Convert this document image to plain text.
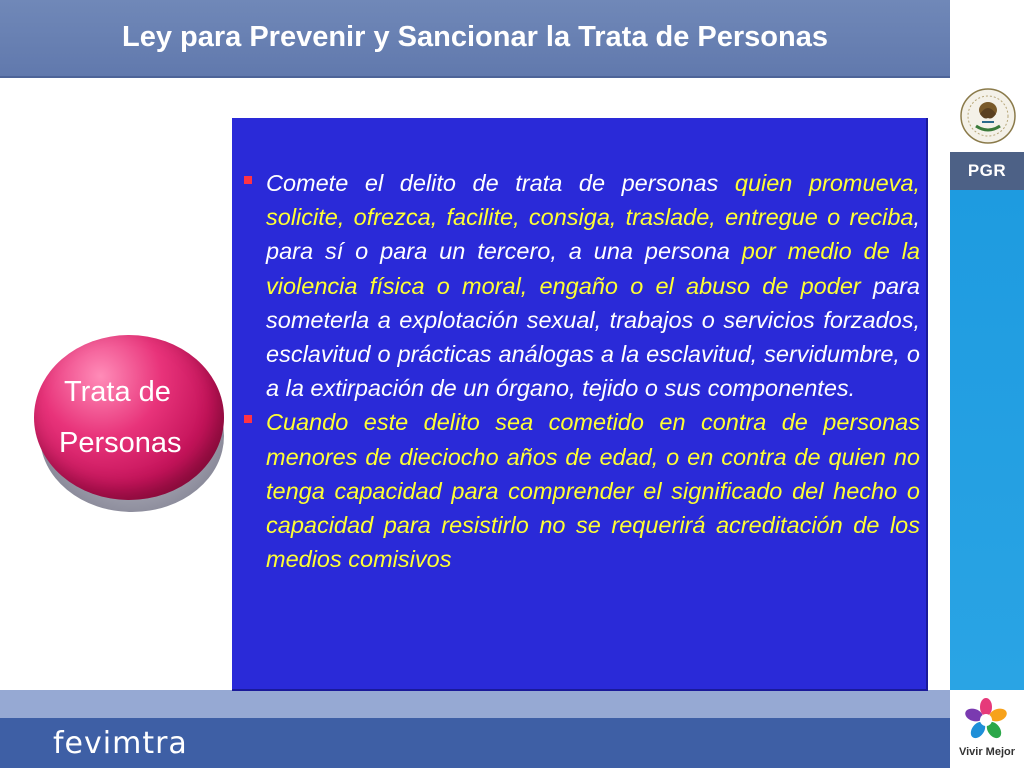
Ley para Prevenir y Sancionar la Trata de Personas
PGR
Vivir Mejor
fevimtra
Trata de
Personas
Comete el delito de trata de personas quien promueva, solicite, ofrezca, facilite, consiga, traslade, entregue o reciba, para sí o para un tercero, a una persona por medio de la violencia física o moral, engaño o el abuso de poder para someterla a explotación sexual, trabajos o servicios forzados, esclavitud o prácticas análogas a la esclavitud, servidumbre, o a la extirpación de un órgano, tejido o sus componentes.
Cuando este delito sea cometido en contra de personas menores de dieciocho años de edad, o en contra de quien no tenga capacidad para comprender el significado del hecho o capacidad para resistirlo no se requerirá acreditación de los medios comisivos
